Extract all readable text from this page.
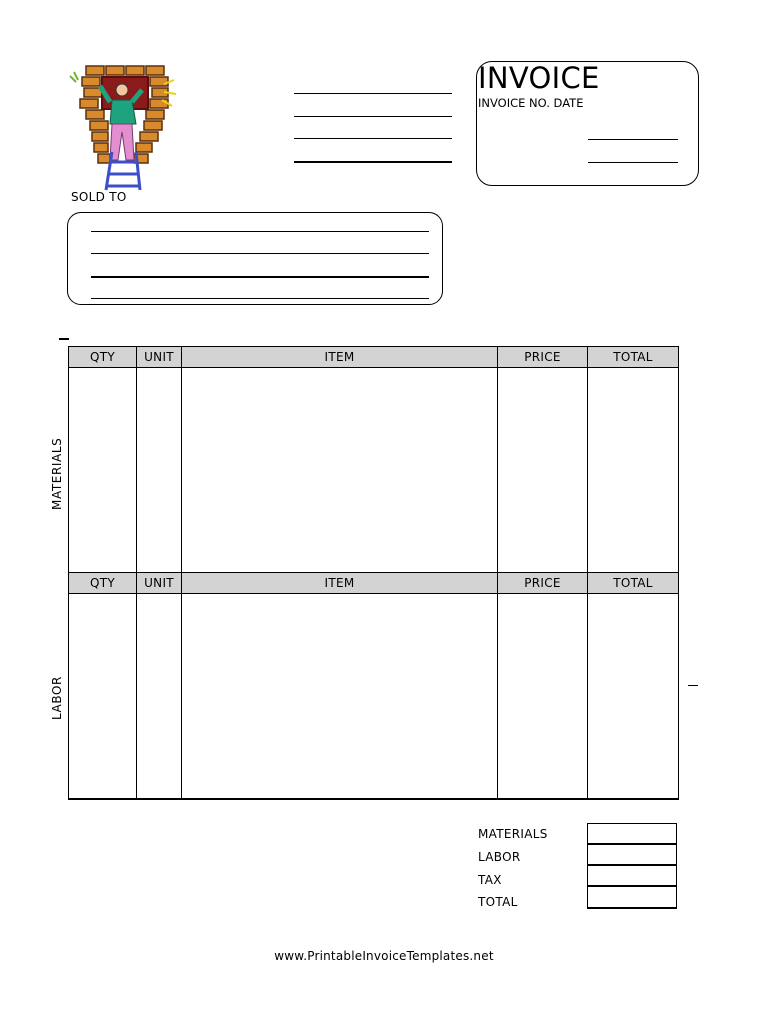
INVOICE
INVOICE NO. DATE
SOLD TO
QTY	UNIT	ITEM	PRICE	TOTAL

MATERIALS
QTY	UNIT	ITEM	PRICE	TOTAL

LABOR
MATERIALS
LABOR
TAX
TOTAL
www.PrintableInvoiceTemplates.net
